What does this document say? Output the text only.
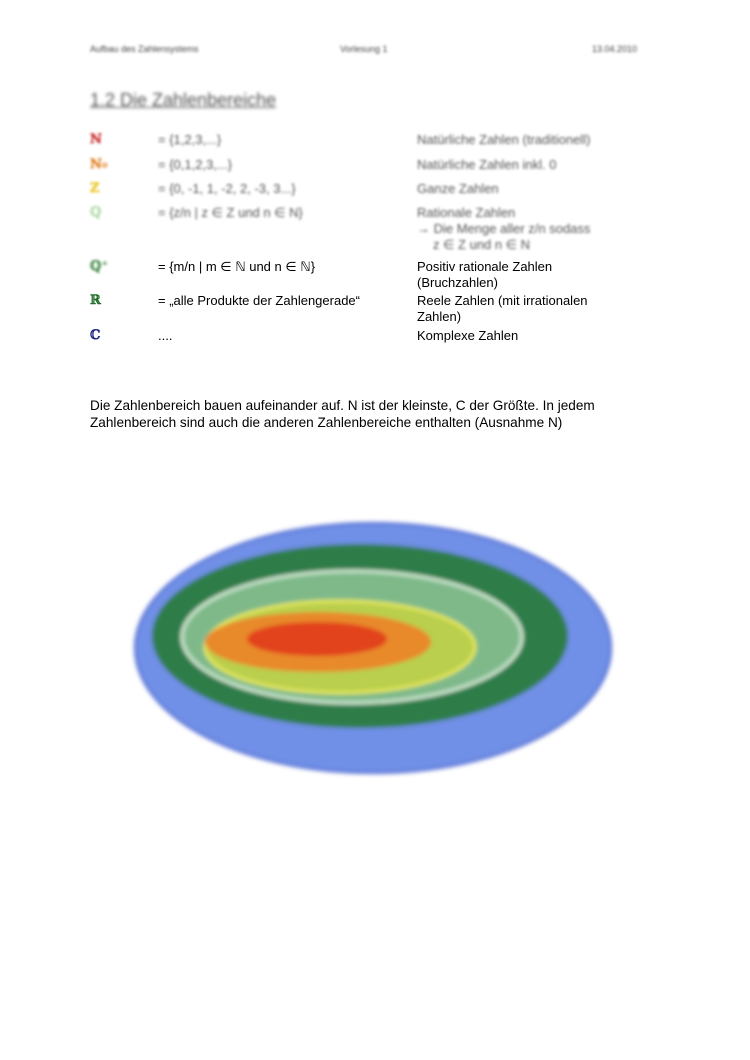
Aufbau des Zahlensystems	Vorlesung 1	13.04.2010
1.2 Die Zahlenbereiche
ℕ	= {1,2,3,...}	Natürliche Zahlen (traditionell)
ℕ₀	= {0,1,2,3,...}	Natürliche Zahlen inkl. 0
ℤ	= {0, -1, 1, -2, 2, -3, 3...}	Ganze Zahlen
ℚ	= {z/n | z ∈ Z und n ∈ N}	Rationale Zahlen
→ Die Menge aller z/n sodass
z ∈ Z und n ∈ N
ℚ⁺	= {m/n | m ∈ ℕ und n ∈ ℕ}	Positiv rationale Zahlen
(Bruchzahlen)
ℝ	= „alle Produkte der Zahlengerade“	Reele Zahlen (mit irrationalen
Zahlen)
ℂ	....	Komplexe Zahlen

Die Zahlenbereich bauen aufeinander auf. N ist der kleinste, C der Größte. In jedem
Zahlenbereich sind auch die anderen Zahlenbereiche enthalten (Ausnahme N)
